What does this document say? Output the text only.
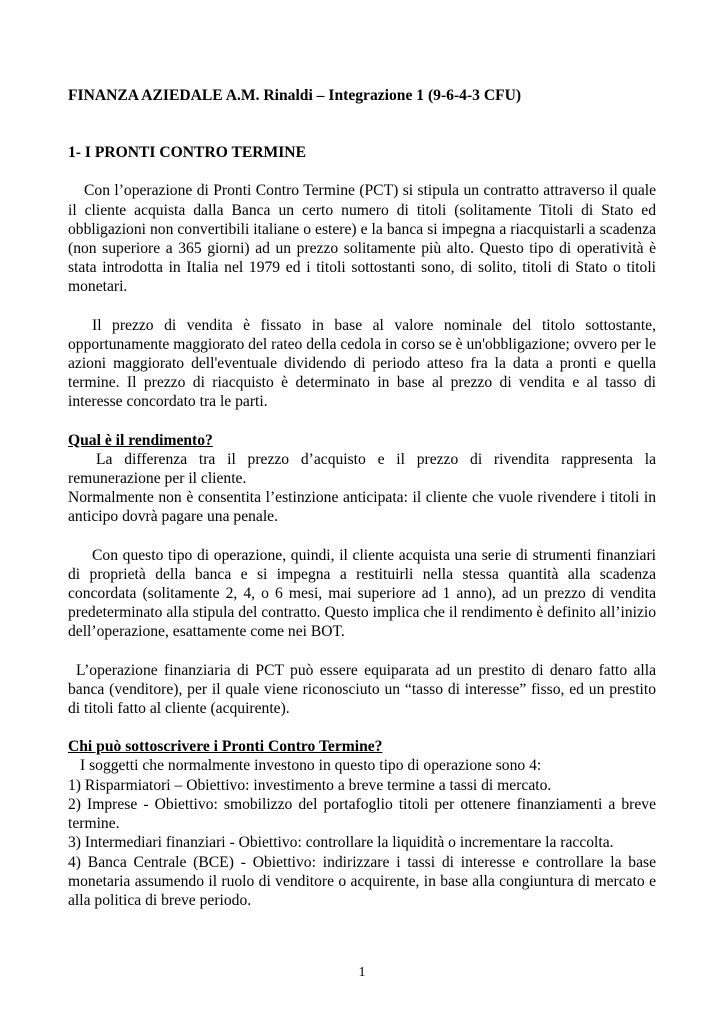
FINANZA AZIEDALE A.M. Rinaldi – Integrazione 1 (9-6-4-3 CFU)
1- I PRONTI CONTRO TERMINE

Con l’operazione di Pronti Contro Termine (PCT) si stipula un contratto attraverso il quale il cliente acquista dalla Banca un certo numero di titoli (solitamente Titoli di Stato ed obbligazioni non convertibili italiane o estere) e la banca si impegna a riacquistarli a scadenza (non superiore a 365 giorni) ad un prezzo solitamente più alto. Questo tipo di operatività è stata introdotta in Italia nel 1979 ed i titoli sottostanti sono, di solito, titoli di Stato o titoli monetari.

Il prezzo di vendita è fissato in base al valore nominale del titolo sottostante, opportunamente maggiorato del rateo della cedola in corso se è un'obbligazione; ovvero per le azioni maggiorato dell'eventuale dividendo di periodo atteso fra la data a pronti e quella termine. Il prezzo di riacquisto è determinato in base al prezzo di vendita e al tasso di interesse concordato tra le parti.

Qual è il rendimento?

La differenza tra il prezzo d’acquisto e il prezzo di rivendita rappresenta la remunerazione per il cliente.

Normalmente non è consentita l’estinzione anticipata: il cliente che vuole rivendere i titoli in anticipo dovrà pagare una penale.

Con questo tipo di operazione, quindi, il cliente acquista una serie di strumenti finanziari di proprietà della banca e si impegna a restituirli nella stessa quantità alla scadenza concordata (solitamente 2, 4, o 6 mesi, mai superiore ad 1 anno), ad un prezzo di vendita predeterminato alla stipula del contratto. Questo implica che il rendimento è definito all’inizio dell’operazione, esattamente come nei BOT.

L’operazione finanziaria di PCT può essere equiparata ad un prestito di denaro fatto alla banca (venditore), per il quale viene riconosciuto un “tasso di interesse” fisso, ed un prestito di titoli fatto al cliente (acquirente).

Chi può sottoscrivere i Pronti Contro Termine?

I soggetti che normalmente investono in questo tipo di operazione sono 4:

1) Risparmiatori – Obiettivo: investimento a breve termine a tassi di mercato.

2) Imprese - Obiettivo: smobilizzo del portafoglio titoli per ottenere finanziamenti a breve termine.

3) Intermediari finanziari - Obiettivo: controllare la liquidità o incrementare la raccolta.

4) Banca Centrale (BCE) - Obiettivo: indirizzare i tassi di interesse e controllare la base monetaria assumendo il ruolo di venditore o acquirente, in base alla congiuntura di mercato e alla politica di breve periodo.

1
